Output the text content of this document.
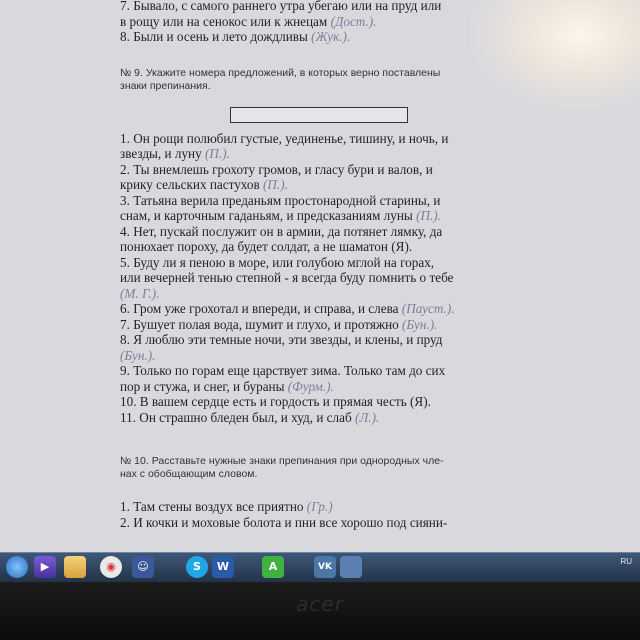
7. Бывало, с самого раннего утра убегаю или на пруд или
в рощу или на сенокос или к жнецам (Дост.).
8. Были и осень и лето дождливы (Жук.).
№ 9. Укажите номера предложений, в которых верно поставлены
знаки препинания.
1. Он рощи полюбил густые, уединенье, тишину, и ночь, и
звезды, и луну (П.).
2. Ты внемлешь грохоту громов, и гласу бури и валов, и
крику сельских пастухов (П.).
3. Татьяна верила преданьям простонародной старины, и
снам, и карточным гаданьям, и предсказаниям луны (П.).
4. Нет, пускай послужит он в армии, да потянет лямку, да
понюхает пороху, да будет солдат, а не шаматон (Я).
5. Буду ли я пеною в море, или голубою мглой на горах,
или вечерней тенью степной - я всегда буду помнить о тебе
(М. Г.).
6. Гром уже грохотал и впереди, и справа, и слева (Пауст.).
7. Бушует полая вода, шумит и глухо, и протяжно (Бун.).
8. Я люблю эти темные ночи, эти звезды, и клены, и пруд
(Бун.).
9. Только по горам еще царствует зима. Только там до сих
пор и стужа, и снег, и бураны (Фурм.).
10. В вашем сердце есть и гордость и прямая честь (Я).
11. Он страшно бледен был, и худ, и слаб (Л.).
№ 10. Расставьте нужные знаки препинания при однородных чле-
нах с обобщающим словом.
1. Там стены воздух все приятно (Гр.)
2. И кочки и моховые болота и пни все хорошо под сияни-
▶	◉	☺	S	W	A	VK
RU
acer
